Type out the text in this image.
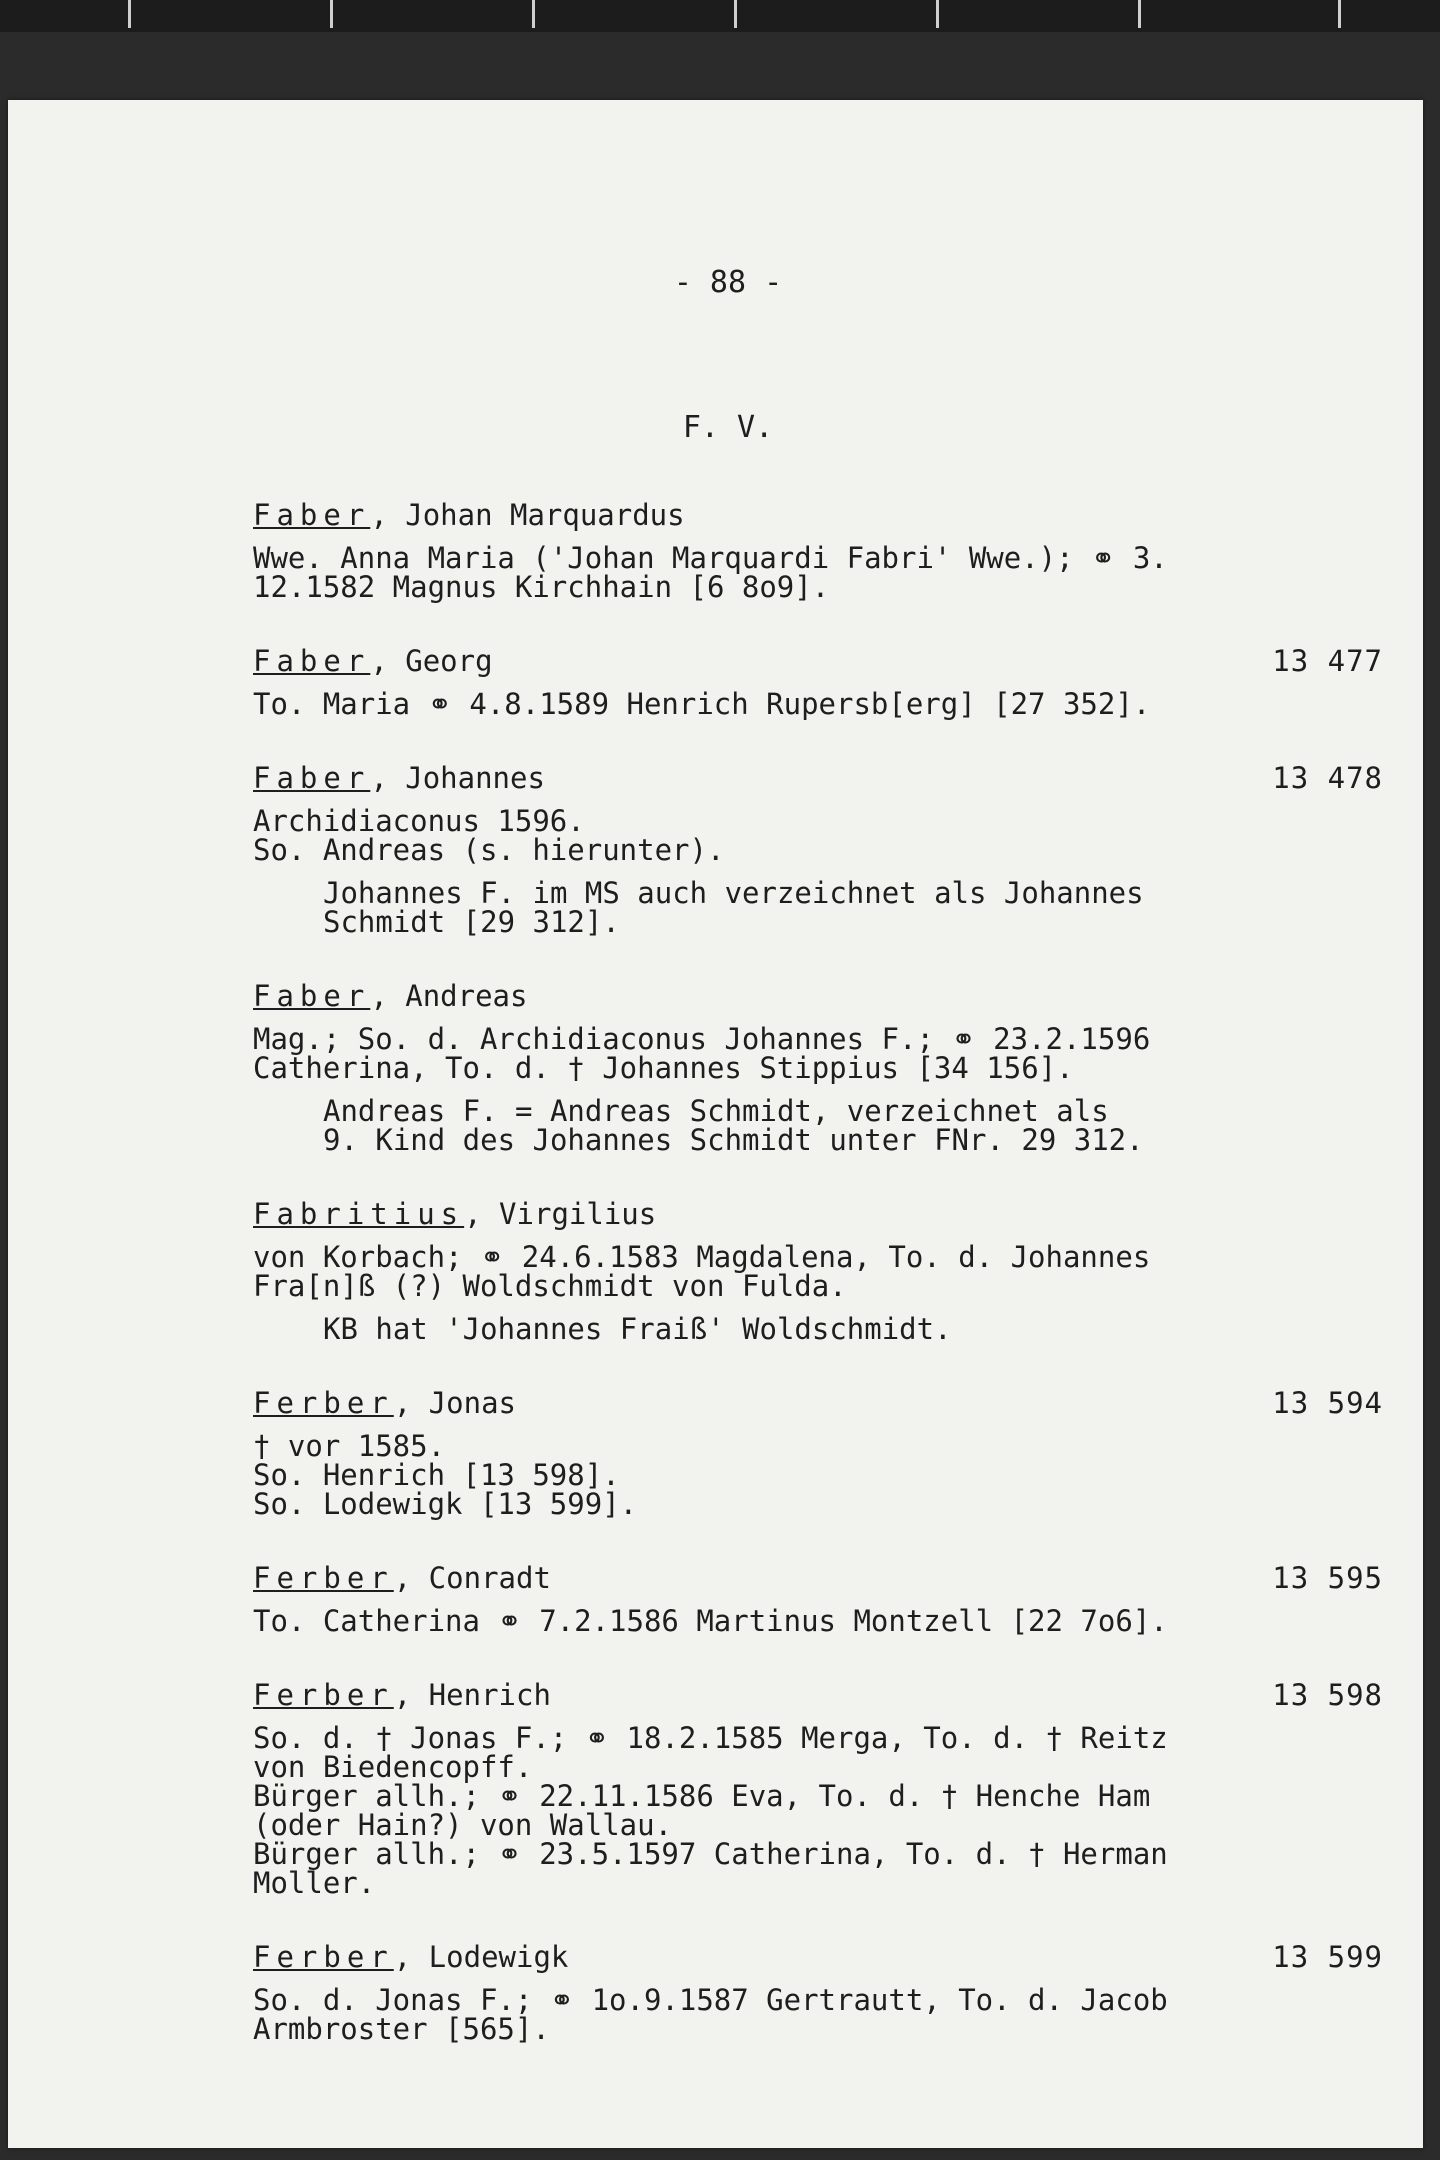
- 88 -
F. V.
Faber, Johan Marquardus
Wwe. Anna Maria ('Johan Marquardi Fabri' Wwe.); ⚭ 3.
12.1582 Magnus Kirchhain [6 8o9].
Faber, Georg	13 477
To. Maria ⚭ 4.8.1589 Henrich Rupersb[erg] [27 352].
Faber, Johannes	13 478
Archidiaconus 1596.
So. Andreas (s. hierunter).
Johannes F. im MS auch verzeichnet als Johannes
Schmidt [29 312].
Faber, Andreas
Mag.; So. d. Archidiaconus Johannes F.; ⚭ 23.2.1596
Catherina, To. d. † Johannes Stippius [34 156].
Andreas F. = Andreas Schmidt, verzeichnet als
9. Kind des Johannes Schmidt unter FNr. 29 312.
Fabritius, Virgilius
von Korbach; ⚭ 24.6.1583 Magdalena, To. d. Johannes
Fra[n]ß (?) Woldschmidt von Fulda.
KB hat 'Johannes Fraiß' Woldschmidt.
Ferber, Jonas	13 594
† vor 1585.
So. Henrich [13 598].
So. Lodewigk [13 599].
Ferber, Conradt	13 595
To. Catherina ⚭ 7.2.1586 Martinus Montzell [22 7o6].
Ferber, Henrich	13 598
So. d. † Jonas F.; ⚭ 18.2.1585 Merga, To. d. † Reitz
von Biedencopff.
Bürger allh.; ⚭ 22.11.1586 Eva, To. d. † Henche Ham
(oder Hain?) von Wallau.
Bürger allh.; ⚭ 23.5.1597 Catherina, To. d. † Herman
Moller.
Ferber, Lodewigk	13 599
So. d. Jonas F.; ⚭ 1o.9.1587 Gertrautt, To. d. Jacob
Armbroster [565].
